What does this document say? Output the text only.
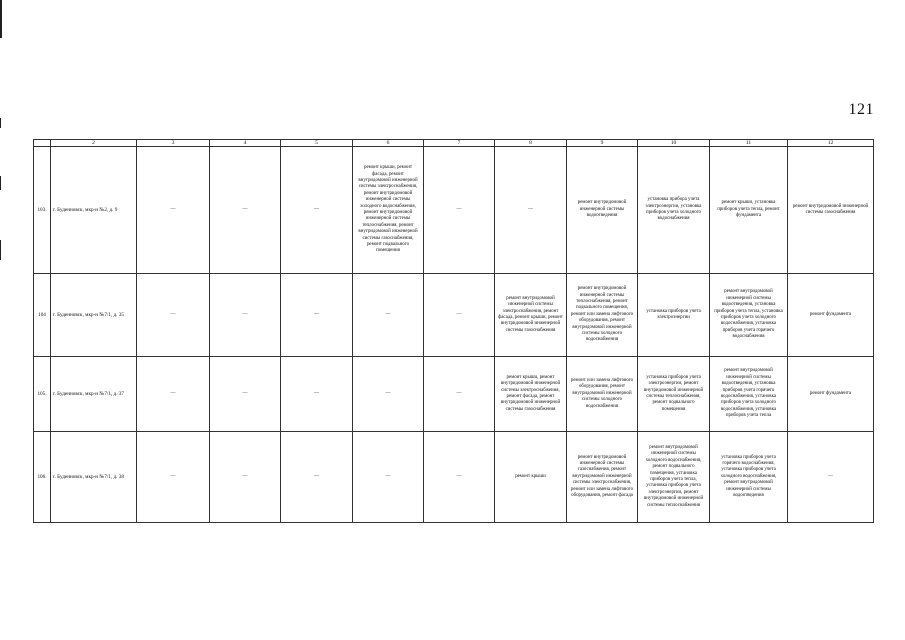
121
	2	3	4	5	6	7	8	9	10	11	12
103.	г. Буденновск, мкр-н №2, д. 9	—	—	—	ремонт крыши, ремонт фасада, ремонт внутридомовой инженерной системы электроснабжения, ремонт внутридомовой инженерной системы холодного водоснабжения, ремонт внутридомовой инженерной системы теплоснабжения, ремонт внутридомовой инженерной системы газоснабжения, ремонт подвального помещения	—	—	ремонт внутридомовой инженерной системы водоотведения	установка прибора учета электроэнергии, установка приборов учета холодного водоснабжения	ремонт крыши, установка приборов учета тепла, ремонт фундамента	ремонт внутридомовой инженерной системы газоснабжения
104	г. Буденновск, мкр-н №7/1, д. 35	—	—	—	—	—	ремонт внутридомовой инженерной системы электроснабжения, ремонт фасада, ремонт крыши, ремонт внутридомовой инженерной системы газоснабжения	ремонт внутридомовой инженерной системы теплоснабжения, ремонт подвального помещения, ремонт или замена лифтового оборудования, ремонт внутридомовой инженерной системы холодного водоснабжения	установка приборов учета электроэнергии	ремонт внутридомовой инженерной системы водоотведения, установка приборов учета тепла, установка приборов учета холодного водоснабжения, установка приборов учета горячего водоснабжения	ремонт фундамента
105.	г. Буденновск, мкр-н №7/1, д. 37	—	—	—	—	—	ремонт крыши, ремонт внутридомовой инженерной системы электроснабжения, ремонт фасада, ремонт внутридомовой инженерной системы газоснабжения	ремонт или замена лифтового оборудования, ремонт внутридомовой инженерной системы холодного водоснабжения	установка приборов учета электроэнергии, ремонт внутридомовой инженерной системы теплоснабжения, ремонт подвального помещения	ремонт внутридомовой инженерной системы водоотведения, установка приборов учета горячего водоснабжения, установка приборов учета холодного водоснабжения, установка приборов учета тепла	ремонт фундамента
106.	г. Буденновск, мкр-н №7/1, д. 38	—	—	—	—	—	ремонт крыши	ремонт внутридомовой инженерной системы газоснабжения, ремонт внутридомовой инженерной системы электроснабжения, ремонт или замена лифтового оборудования, ремонт фасада	ремонт внутридомовой инженерной системы холодного водоснабжения, ремонт подвального помещения, установка приборов учета тепла, установка приборов учета электроэнергии, ремонт внутридомовой инженерной системы теплоснабжения	установка приборов учета горячего водоснабжения, установка приборов учета холодного водоснабжения, ремонт внутридомовой инженерной системы водоотведения	—
